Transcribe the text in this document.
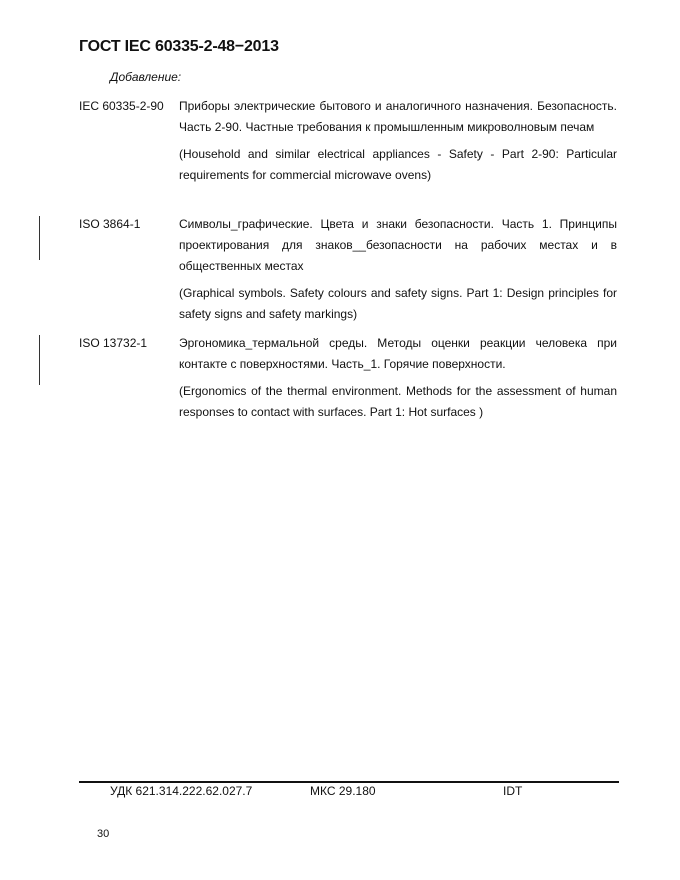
ГОСТ IEC 60335-2-48−2013
Добавление:
IEC 60335-2-90	Приборы электрические бытового и аналогичного назначения. Безопасность. Часть 2-90. Частные требования к промышленным микроволновым печам
(Household and similar electrical appliances - Safety - Part 2-90: Particular requirements for commercial microwave ovens)
ISO 3864-1	Символы_графические. Цвета и знаки безопасности. Часть 1. Принципы проектирования для знаков__безопасности на рабочих местах и в общественных местах
(Graphical symbols. Safety colours and safety signs. Part 1: Design principles for safety signs and safety markings)
ISO 13732-1	Эргономика_термальной среды. Методы оценки реакции человека при контакте с поверхностями. Часть_1. Горячие поверхности.
(Ergonomics of the thermal environment. Methods for the assessment of human responses to contact with surfaces. Part 1: Hot surfaces )
УДК 621.314.222.62.027.7	МКС 29.180	IDT
30
